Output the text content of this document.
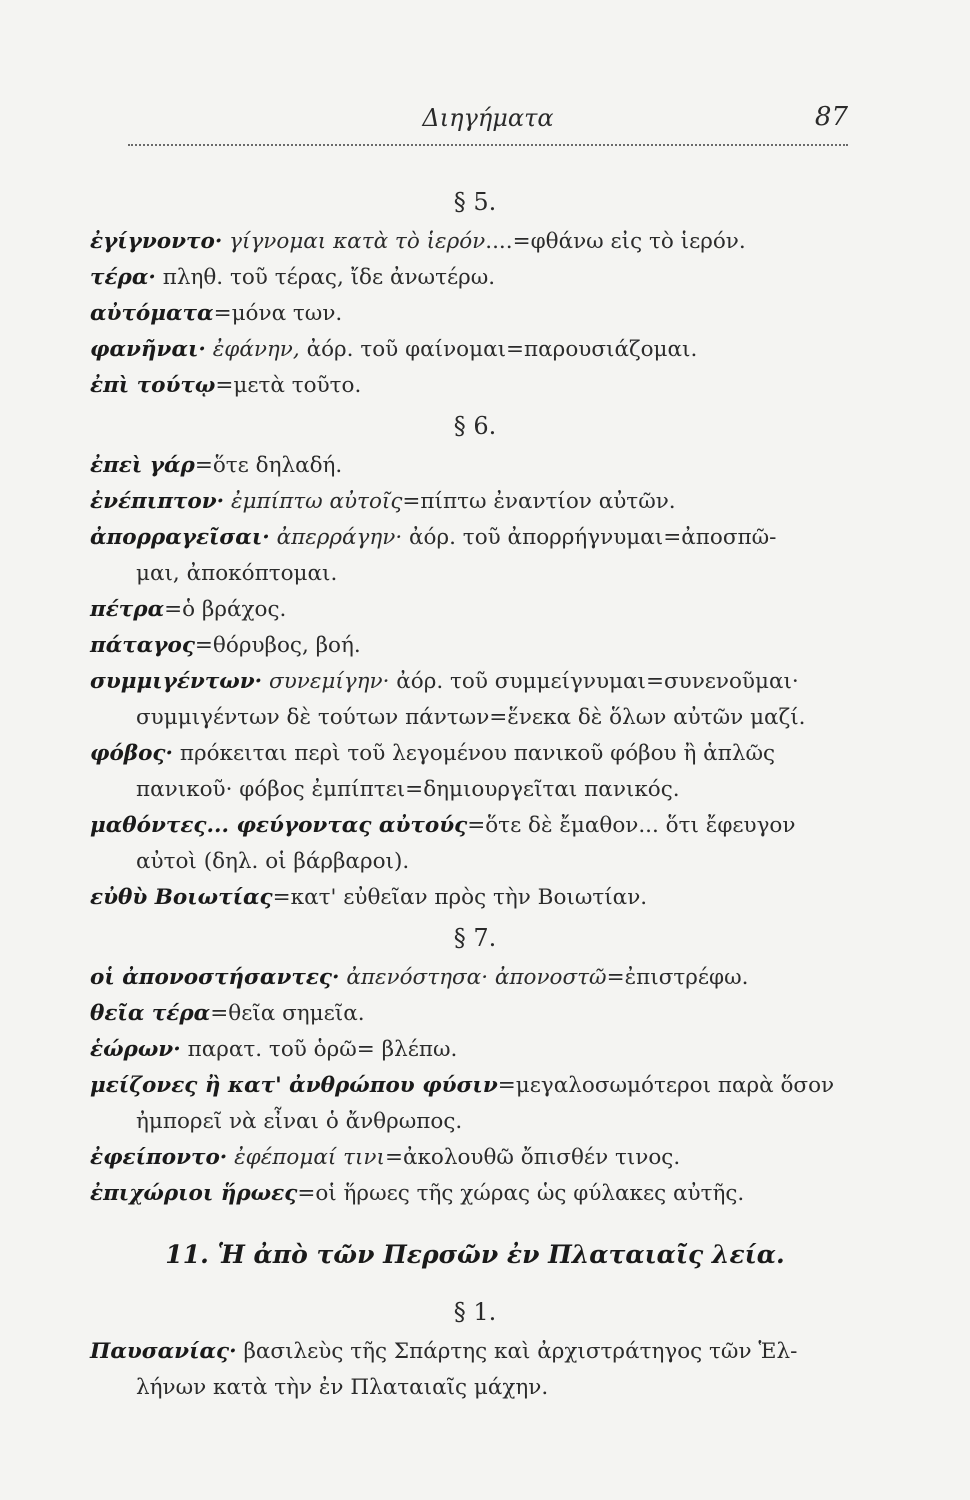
Διηγήματα	87
§ 5.
ἐγίγνοντο· γίγνομαι κατὰ τὸ ἱερόν....=φθάνω εἰς τὸ ἱερόν.
τέρα· πληθ. τοῦ τέρας, ἴδε ἀνωτέρω.
αὐτόματα=μόνα των.
φανῆναι· ἐφάνην, ἀόρ. τοῦ φαίνομαι=παρουσιάζομαι.
ἐπὶ τούτῳ=μετὰ τοῦτο.
§ 6.
ἐπεὶ γάρ=ὅτε δηλαδή.
ἐνέπιπτον· ἐμπίπτω αὐτοῖς=πίπτω ἐναντίον αὐτῶν.
ἀπορραγεῖσαι· ἀπερράγην· ἀόρ. τοῦ ἀπορρήγνυμαι=ἀποσπῶ-
μαι, ἀποκόπτομαι.
πέτρα=ὁ βράχος.
πάταγος=θόρυβος, βοή.
συμμιγέντων· συνεμίγην· ἀόρ. τοῦ συμμείγνυμαι=συνενοῦμαι·
συμμιγέντων δὲ τούτων πάντων=ἕνεκα δὲ ὅλων αὐτῶν μαζί.
φόβος· πρόκειται περὶ τοῦ λεγομένου πανικοῦ φόβου ἢ ἁπλῶς
πανικοῦ· φόβος ἐμπίπτει=δημιουργεῖται πανικός.
μαθόντες... φεύγοντας αὐτούς=ὅτε δὲ ἔμαθον... ὅτι ἔφευγον
αὐτοὶ (δηλ. οἱ βάρβαροι).
εὐθὺ Βοιωτίας=κατ' εὐθεῖαν πρὸς τὴν Βοιωτίαν.
§ 7.
οἱ ἀπονοστήσαντες· ἀπενόστησα· ἀπονοστῶ=ἐπιστρέφω.
θεῖα τέρα=θεῖα σημεῖα.
ἑώρων· παρατ. τοῦ ὁρῶ= βλέπω.
μείζονες ἢ κατ' ἀνθρώπου φύσιν=μεγαλοσωμότεροι παρὰ ὅσον
ἠμπορεῖ νὰ εἶναι ὁ ἄνθρωπος.
ἐφείποντο· ἐφέπομαί τινι=ἀκολουθῶ ὄπισθέν τινος.
ἐπιχώριοι ἥρωες=οἱ ἥρωες τῆς χώρας ὡς φύλακες αὐτῆς.
11. Ἡ ἀπὸ τῶν Περσῶν ἐν Πλαταιαῖς λεία.
§ 1.
Παυσανίας· βασιλεὺς τῆς Σπάρτης καὶ ἀρχιστράτηγος τῶν Ἑλ-
λήνων κατὰ τὴν ἐν Πλαταιαῖς μάχην.
